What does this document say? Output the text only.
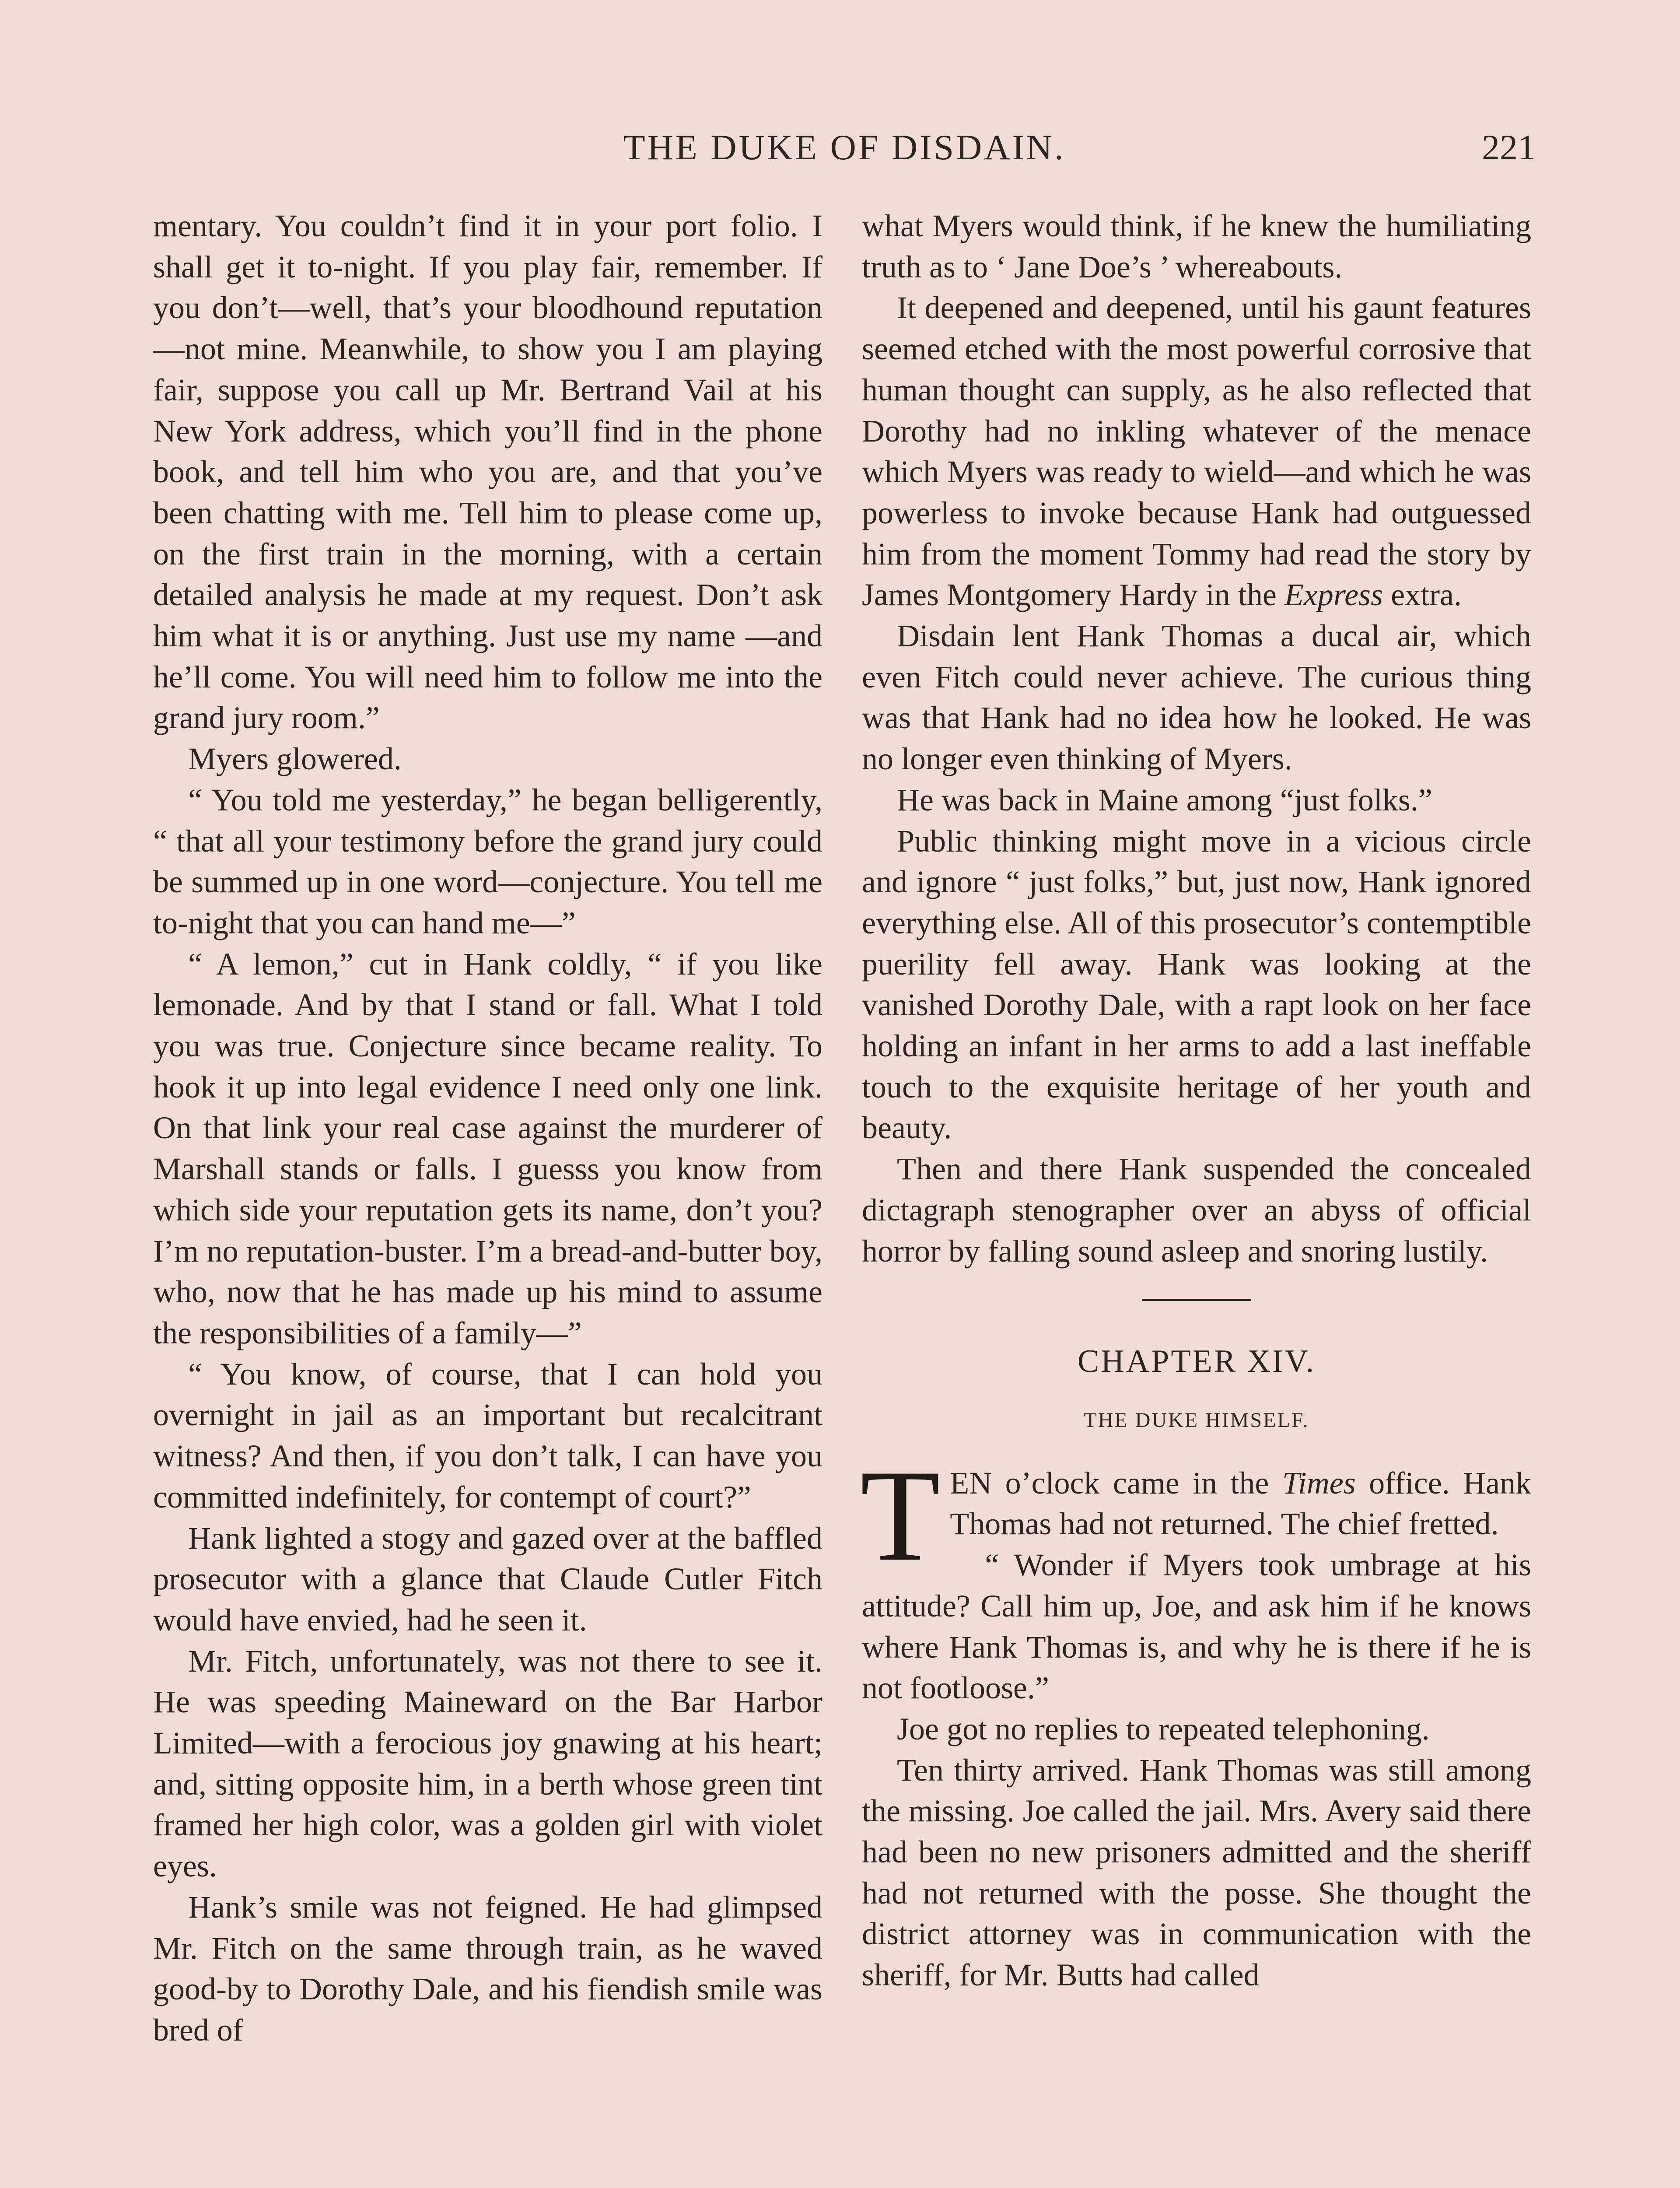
THE DUKE OF DISDAIN.	221

mentary. You couldn’t find it in your port folio. I shall get it to-night. If you play fair, remember. If you don’t—well, that’s your bloodhound reputation—not mine. Meanwhile, to show you I am playing fair, suppose you call up Mr. Bertrand Vail at his New York address, which you’ll find in the phone book, and tell him who you are, and that you’ve been chatting with me. Tell him to please come up, on the first train in the morning, with a certain detailed analysis he made at my request. Don’t ask him what it is or anything. Just use my name —and he’ll come. You will need him to follow me into the grand jury room.”

Myers glowered.

“ You told me yesterday,” he began belligerently, “ that all your testimony before the grand jury could be summed up in one word—conjecture. You tell me to-night that you can hand me—”

“ A lemon,” cut in Hank coldly, “ if you like lemonade. And by that I stand or fall. What I told you was true. Conjecture since became reality. To hook it up into legal evidence I need only one link. On that link your real case against the murderer of Marshall stands or falls. I guesss you know from which side your reputation gets its name, don’t you? I’m no reputation-buster. I’m a bread-and-butter boy, who, now that he has made up his mind to assume the responsibilities of a family—”

“ You know, of course, that I can hold you overnight in jail as an important but recalcitrant witness? And then, if you don’t talk, I can have you committed indefinitely, for contempt of court?”

Hank lighted a stogy and gazed over at the baffled prosecutor with a glance that Claude Cutler Fitch would have envied, had he seen it.

Mr. Fitch, unfortunately, was not there to see it. He was speeding Maineward on the Bar Harbor Limited—with a ferocious joy gnawing at his heart; and, sitting opposite him, in a berth whose green tint framed her high color, was a golden girl with violet eyes.

Hank’s smile was not feigned. He had glimpsed Mr. Fitch on the same through train, as he waved good-by to Dorothy Dale, and his fiendish smile was bred of

what Myers would think, if he knew the humiliating truth as to ‘ Jane Doe’s ’ whereabouts.

It deepened and deepened, until his gaunt features seemed etched with the most powerful corrosive that human thought can supply, as he also reflected that Dorothy had no inkling whatever of the menace which Myers was ready to wield—and which he was powerless to invoke because Hank had outguessed him from the moment Tommy had read the story by James Montgomery Hardy in the Express extra.

Disdain lent Hank Thomas a ducal air, which even Fitch could never achieve. The curious thing was that Hank had no idea how he looked. He was no longer even thinking of Myers.

He was back in Maine among “just folks.”

Public thinking might move in a vicious circle and ignore “ just folks,” but, just now, Hank ignored everything else. All of this prosecutor’s contemptible puerility fell away. Hank was looking at the vanished Dorothy Dale, with a rapt look on her face holding an infant in her arms to add a last ineffable touch to the exquisite heritage of her youth and beauty.

Then and there Hank suspended the concealed dictagraph stenographer over an abyss of official horror by falling sound asleep and snoring lustily.

CHAPTER XIV.
THE DUKE HIMSELF.

TEN o’clock came in the Times office. Hank Thomas had not returned. The chief fretted.

“ Wonder if Myers took umbrage at his attitude? Call him up, Joe, and ask him if he knows where Hank Thomas is, and why he is there if he is not footloose.”

Joe got no replies to repeated telephoning.

Ten thirty arrived. Hank Thomas was still among the missing. Joe called the jail. Mrs. Avery said there had been no new prisoners admitted and the sheriff had not returned with the posse. She thought the district attorney was in communication with the sheriff, for Mr. Butts had called
